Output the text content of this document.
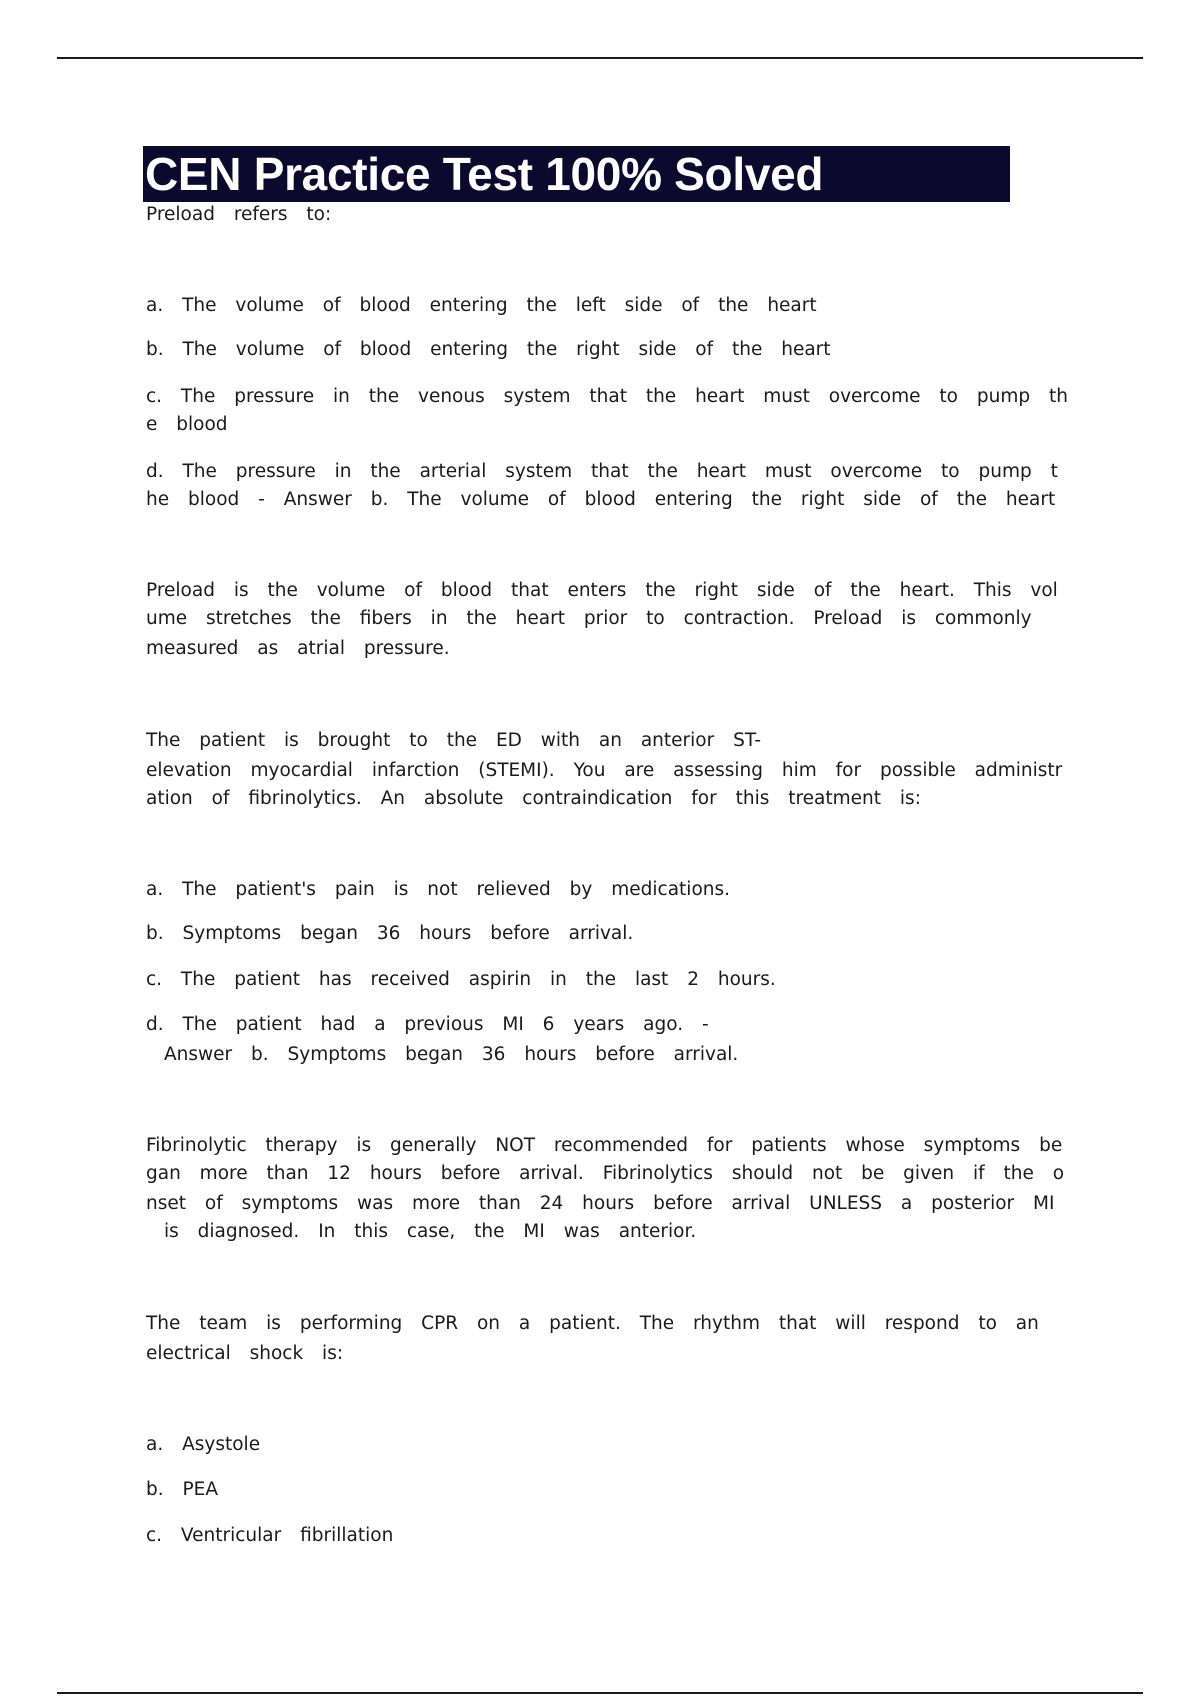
CEN Practice Test 100% Solved
Preload refers to:
a. The volume of blood entering the left side of the heart
b. The volume of blood entering the right side of the heart
c. The pressure in the venous system that the heart must overcome to pump th
e blood
d. The pressure in the arterial system that the heart must overcome to pump t
he blood - Answer b. The volume of blood entering the right side of the heart
Preload is the volume of blood that enters the right side of the heart. This vol
ume stretches the fibers in the heart prior to contraction. Preload is commonly
measured as atrial pressure.
The patient is brought to the ED with an anterior ST-
elevation myocardial infarction (STEMI). You are assessing him for possible administr
ation of fibrinolytics. An absolute contraindication for this treatment is:
a. The patient's pain is not relieved by medications.
b. Symptoms began 36 hours before arrival.
c. The patient has received aspirin in the last 2 hours.
d. The patient had a previous MI 6 years ago. -
Answer b. Symptoms began 36 hours before arrival.
Fibrinolytic therapy is generally NOT recommended for patients whose symptoms be
gan more than 12 hours before arrival. Fibrinolytics should not be given if the o
nset of symptoms was more than 24 hours before arrival UNLESS a posterior MI
is diagnosed. In this case, the MI was anterior.
The team is performing CPR on a patient. The rhythm that will respond to an
electrical shock is:
a. Asystole
b. PEA
c. Ventricular fibrillation
